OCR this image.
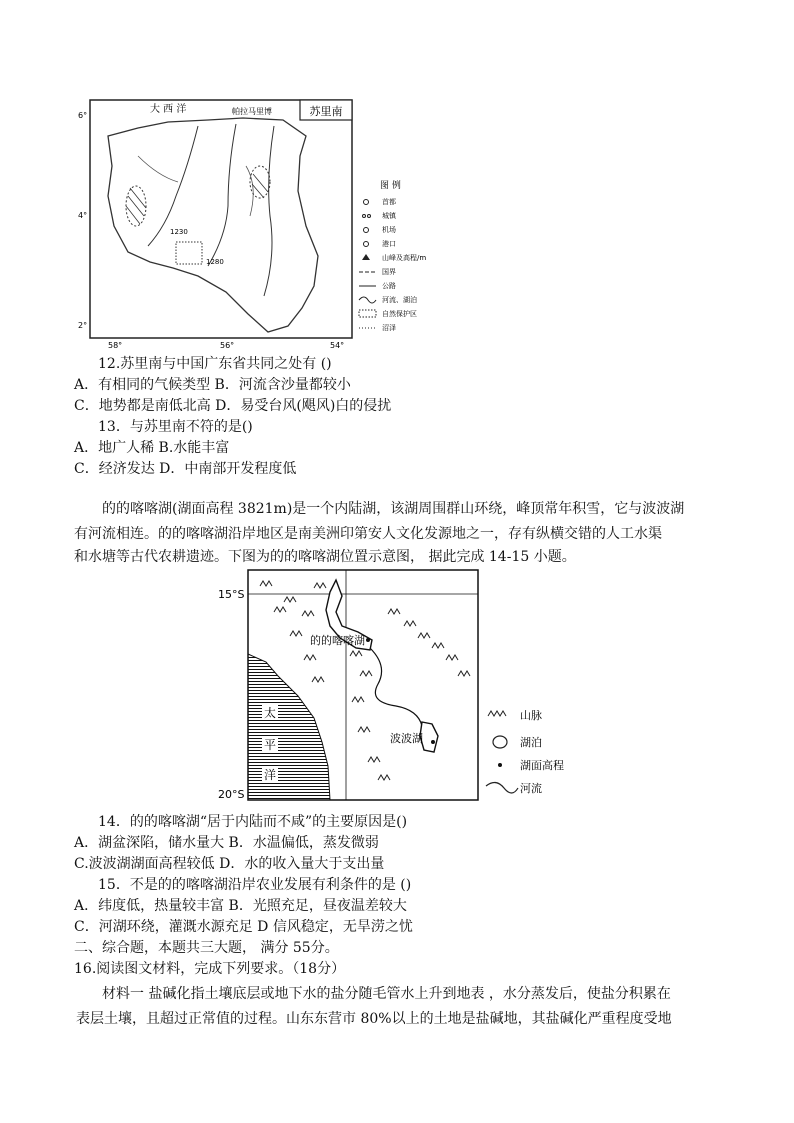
苏里南
大 西 洋	帕拉马里博
1230
1280
6°
4°
2°
58°	56°	54°
图 例
首都
城镇
机场
港口
山峰及高程/m
国界
公路
河流、湖泊
自然保护区
沼泽
12.苏里南与中国广东省共同之处有 ()
A．有相同的气候类型 B．河流含沙量都较小
C．地势都是南低北高 D．易受台风(飓风)白的侵扰
13．与苏里南不符的是()
A．地广人稀 B.水能丰富
C．经济发达 D．中南部开发程度低
的的喀喀湖(湖面高程 3821m)是一个内陆湖，该湖周围群山环绕，峰顶常年积雪，它与波波湖
有河流相连。的的喀喀湖沿岸地区是南美洲印第安人文化发源地之一，存有纵横交错的人工水渠
和水塘等古代农耕遗迹。下图为的的喀喀湖位置示意图， 据此完成 14-15 小题。
太
平
洋
15°S
20°S
的的喀喀湖
波波湖
山脉
湖泊
湖面高程
河流
14．的的喀喀湖“居于内陆而不咸”的主要原因是()
A．湖盆深陷，储水量大 B．水温偏低，蒸发微弱
C.波波湖湖面高程较低 D．水的收入量大于支出量
15．不是的的喀喀湖沿岸农业发展有利条件的是 ()
A．纬度低，热量较丰富 B．光照充足，昼夜温差较大
C．河湖环绕，灌溉水源充足 D 信风稳定，无旱涝之忧
二、综合题，本题共三大题， 满分 55分。
16.阅读图文材料，完成下列要求。（18分）
材料一 盐碱化指土壤底层或地下水的盐分随毛管水上升到地表 ，水分蒸发后，使盐分积累在
表层土壤，且超过正常值的过程。山东东营市 80%以上的土地是盐碱地，其盐碱化严重程度受地
